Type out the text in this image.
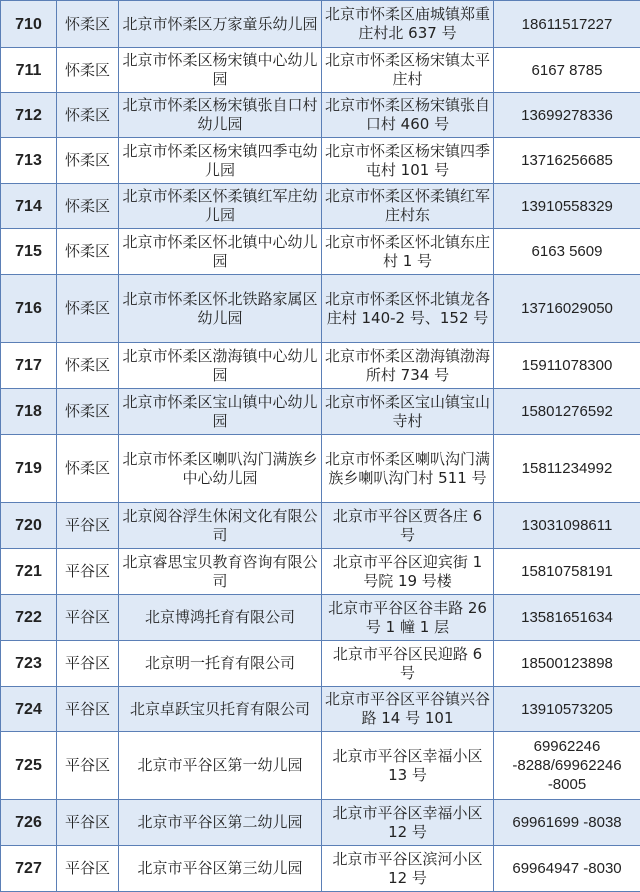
710	怀柔区	北京市怀柔区万家童乐幼儿园	北京市怀柔区庙城镇郑重庄村北 637 号	18611517227
711	怀柔区	北京市怀柔区杨宋镇中心幼儿 园	北京市怀柔区杨宋镇太平庄村	6167 8785
712	怀柔区	北京市怀柔区杨宋镇张自口村 幼儿园	北京市怀柔区杨宋镇张自口村 460 号	13699278336
713	怀柔区	北京市怀柔区杨宋镇四季屯幼 儿园	北京市怀柔区杨宋镇四季屯村 101 号	13716256685
714	怀柔区	北京市怀柔区怀柔镇红军庄幼 儿园	北京市怀柔区怀柔镇红军庄村东	13910558329
715	怀柔区	北京市怀柔区怀北镇中心幼儿 园	北京市怀柔区怀北镇东庄村 1 号	6163 5609
716	怀柔区	北京市怀柔区怀北铁路家属区 幼儿园	北京市怀柔区怀北镇龙各庄村 140-2 号、152 号	13716029050
717	怀柔区	北京市怀柔区渤海镇中心幼儿 园	北京市怀柔区渤海镇渤海所村 734 号	15911078300
718	怀柔区	北京市怀柔区宝山镇中心幼儿 园	北京市怀柔区宝山镇宝山寺村	15801276592
719	怀柔区	北京市怀柔区喇叭沟门满族乡 中心幼儿园	北京市怀柔区喇叭沟门满族乡喇叭沟门村 511 号	15811234992
720	平谷区	北京阅谷浮生休闲文化有限公司	北京市平谷区贾各庄 6 号	13031098611
721	平谷区	北京睿思宝贝教育咨询有限公司	北京市平谷区迎宾街 1 号院 19 号楼	15810758191
722	平谷区	北京博鸿托育有限公司	北京市平谷区谷丰路 26 号 1 幢 1 层	13581651634
723	平谷区	北京明一托育有限公司	北京市平谷区民迎路 6 号	18500123898
724	平谷区	北京卓跃宝贝托育有限公司	北京市平谷区平谷镇兴谷路 14 号 101	13910573205
725	平谷区	北京市平谷区第一幼儿园	北京市平谷区幸福小区 13 号	69962246 -8288/69962246 -8005
726	平谷区	北京市平谷区第二幼儿园	北京市平谷区幸福小区 12 号	69961699 -8038
727	平谷区	北京市平谷区第三幼儿园	北京市平谷区滨河小区 12 号	69964947 -8030
